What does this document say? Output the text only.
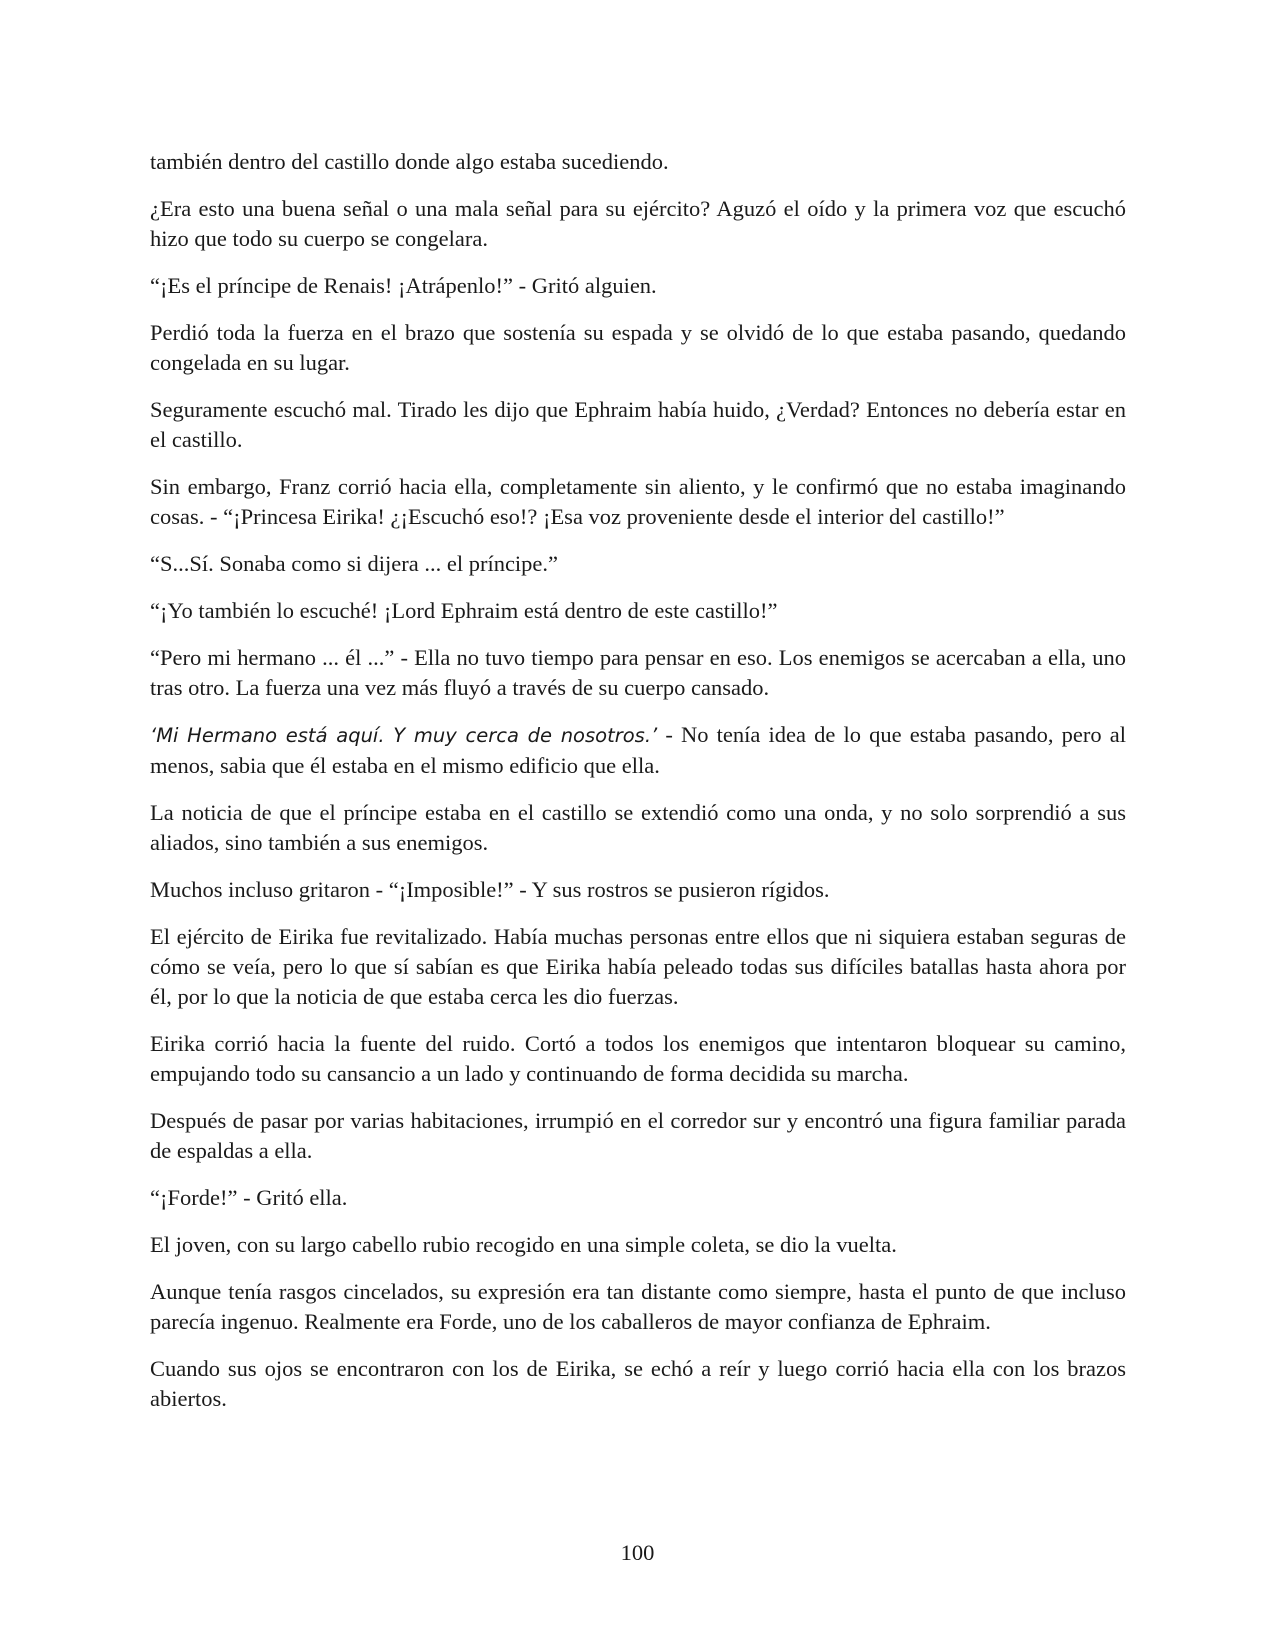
también dentro del castillo donde algo estaba sucediendo.

¿Era esto una buena señal o una mala señal para su ejército? Aguzó el oído y la primera voz que escuchó hizo que todo su cuerpo se congelara.

“¡Es el príncipe de Renais! ¡Atrápenlo!” - Gritó alguien.

Perdió toda la fuerza en el brazo que sostenía su espada y se olvidó de lo que estaba pasando, quedando congelada en su lugar.

Seguramente escuchó mal. Tirado les dijo que Ephraim había huido, ¿Verdad? Entonces no debería estar en el castillo.

Sin embargo, Franz corrió hacia ella, completamente sin aliento, y le confirmó que no estaba imaginando cosas. - “¡Princesa Eirika! ¿¡Escuchó eso!? ¡Esa voz proveniente desde el interior del castillo!”

“S...Sí. Sonaba como si dijera ... el príncipe.”

“¡Yo también lo escuché! ¡Lord Ephraim está dentro de este castillo!”

“Pero mi hermano ... él ...” - Ella no tuvo tiempo para pensar en eso. Los enemigos se acercaban a ella, uno tras otro. La fuerza una vez más fluyó a través de su cuerpo cansado.

‘Mi Hermano está aquí. Y muy cerca de nosotros.’ - No tenía idea de lo que estaba pasando, pero al menos, sabia que él estaba en el mismo edificio que ella.

La noticia de que el príncipe estaba en el castillo se extendió como una onda, y no solo sorprendió a sus aliados, sino también a sus enemigos.

Muchos incluso gritaron - “¡Imposible!” - Y sus rostros se pusieron rígidos.

El ejército de Eirika fue revitalizado. Había muchas personas entre ellos que ni siquiera estaban seguras de cómo se veía, pero lo que sí sabían es que Eirika había peleado todas sus difíciles batallas hasta ahora por él, por lo que la noticia de que estaba cerca les dio fuerzas.

Eirika corrió hacia la fuente del ruido. Cortó a todos los enemigos que intentaron bloquear su camino, empujando todo su cansancio a un lado y continuando de forma decidida su marcha.

Después de pasar por varias habitaciones, irrumpió en el corredor sur y encontró una figura familiar parada de espaldas a ella.

“¡Forde!” - Gritó ella.

El joven, con su largo cabello rubio recogido en una simple coleta, se dio la vuelta.

Aunque tenía rasgos cincelados, su expresión era tan distante como siempre, hasta el punto de que incluso parecía ingenuo. Realmente era Forde, uno de los caballeros de mayor confianza de Ephraim.

Cuando sus ojos se encontraron con los de Eirika, se echó a reír y luego corrió hacia ella con los brazos abiertos.

100
